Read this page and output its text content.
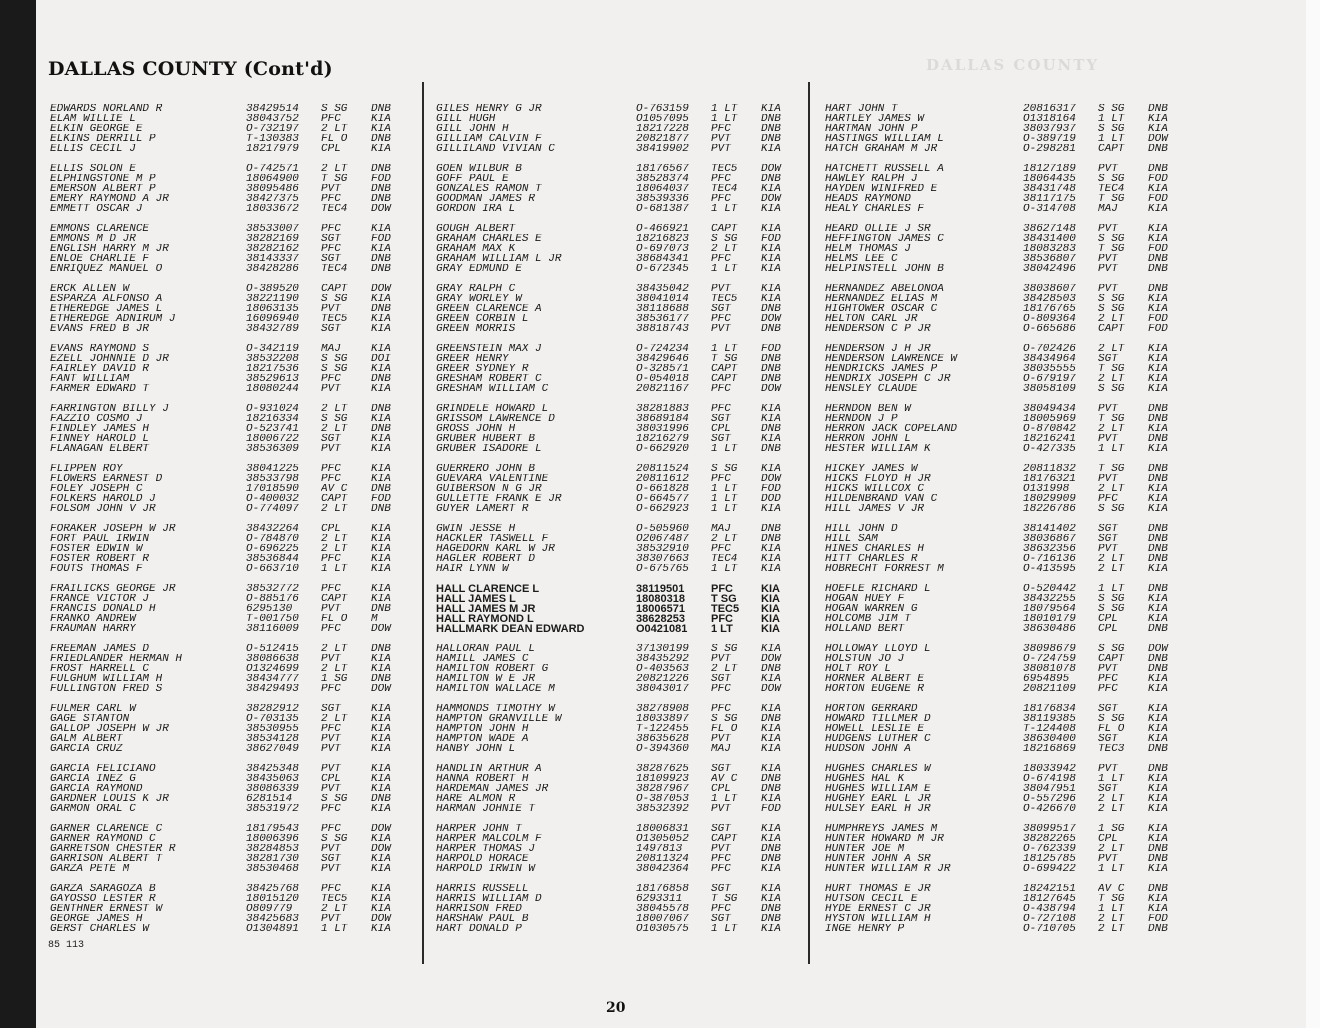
DALLAS COUNTY (Cont'd)	DALLAS COUNTY
EDWARDS NORLAND R	38429514	S SG	DNB
ELAM WILLIE L	38043752	PFC	KIA
ELKIN GEORGE E	O-732197	2 LT	KIA
ELKINS DERRILL P	T-130383	FL O	DNB
ELLIS CECIL J	18217979	CPL	KIA
ELLIS SOLON E	O-742571	2 LT	DNB
ELPHINGSTONE M P	18064900	T SG	FOD
EMERSON ALBERT P	38095486	PVT	DNB
EMERY RAYMOND A JR	38427375	PFC	DNB
EMMETT OSCAR J	18033672	TEC4	DOW
EMMONS CLARENCE	38533007	PFC	KIA
EMMONS M D JR	38282169	SGT	FOD
ENGLISH HARRY M JR	38282162	PFC	KIA
ENLOE CHARLIE F	38143337	SGT	DNB
ENRIQUEZ MANUEL O	38428286	TEC4	DNB
ERCK ALLEN W	O-389520	CAPT	DOW
ESPARZA ALFONSO A	38221190	S SG	KIA
ETHEREDGE JAMES L	18063135	PVT	DNB
ETHEREDGE ADNIRUM J	16096940	TEC5	KIA
EVANS FRED B JR	38432789	SGT	KIA
EVANS RAYMOND S	O-342119	MAJ	KIA
EZELL JOHNNIE D JR	38532208	S SG	DOI
FAIRLEY DAVID R	18217536	S SG	KIA
FANT WILLIAM	38529613	PFC	DNB
FARMER EDWARD T	18080244	PVT	KIA
FARRINGTON BILLY J	O-931024	2 LT	DNB
FAZZIO COSMO J	18216334	S SG	KIA
FINDLEY JAMES H	O-523741	2 LT	DNB
FINNEY HAROLD L	18006722	SGT	KIA
FLANAGAN ELBERT	38536309	PVT	KIA
FLIPPEN ROY	38041225	PFC	KIA
FLOWERS EARNEST D	38533798	PFC	KIA
FOLEY JOSEPH C	17018590	AV C	DNB
FOLKERS HAROLD J	O-400032	CAPT	FOD
FOLSOM JOHN V JR	O-774097	2 LT	DNB
FORAKER JOSEPH W JR	38432264	CPL	KIA
FORT PAUL IRWIN	O-784870	2 LT	KIA
FOSTER EDWIN W	O-696225	2 LT	KIA
FOSTER ROBERT R	38536844	PFC	KIA
FOUTS THOMAS F	O-663710	1 LT	KIA
FRAILICKS GEORGE JR	38532772	PFC	KIA
FRANCE VICTOR J	O-885176	CAPT	KIA
FRANCIS DONALD H	6295130	PVT	DNB
FRANKO ANDREW	T-001750	FL O	M
FRAUMAN HARRY	38116009	PFC	DOW
FREEMAN JAMES D	O-512415	2 LT	DNB
FRIEDLANDER HERMAN H	38086638	PVT	KIA
FROST HARRELL C	O1324699	2 LT	KIA
FULGHUM WILLIAM H	38434777	1 SG	DNB
FULLINGTON FRED S	38429493	PFC	DOW
FULMER CARL W	38282912	SGT	KIA
GAGE STANTON	O-703135	2 LT	KIA
GALLOP JOSEPH W JR	38530955	PFC	KIA
GALM ALBERT	38534128	PVT	KIA
GARCIA CRUZ	38627049	PVT	KIA
GARCIA FELICIANO	38425348	PVT	KIA
GARCIA INEZ G	38435063	CPL	KIA
GARCIA RAYMOND	38086339	PVT	KIA
GARDNER LOUIS K JR	6281514	S SG	DNB
GARMON ORAL C	38531972	PFC	KIA
GARNER CLARENCE C	18179543	PFC	DOW
GARNER RAYMOND C	18006396	S SG	KIA
GARRETSON CHESTER R	38284853	PVT	DOW
GARRISON ALBERT T	38281730	SGT	KIA
GARZA PETE M	38530468	PVT	KIA
GARZA SARAGOZA B	38425768	PFC	KIA
GAYOSSO LESTER R	18015120	TEC5	KIA
GENTHNER ERNEST W	O809779	2 LT	KIA
GEORGE JAMES H	38425683	PVT	DOW
GERST CHARLES W	O1304891	1 LT	KIA
GILES HENRY G JR	O-763159	1 LT	KIA
GILL HUGH	O1057095	1 LT	DNB
GILL JOHN H	18217228	PFC	DNB
GILLIAM CALVIN F	20821877	PVT	DNB
GILLILAND VIVIAN C	38419902	PVT	KIA
GOEN WILBUR B	18176567	TEC5	DOW
GOFF PAUL E	38528374	PFC	DNB
GONZALES RAMON T	18064037	TEC4	KIA
GOODMAN JAMES R	38539336	PFC	DOW
GORDON IRA L	O-681387	1 LT	KIA
GOUGH ALBERT	O-466921	CAPT	KIA
GRAHAM CHARLES E	18216823	S SG	FOD
GRAHAM MAX K	O-697073	2 LT	KIA
GRAHAM WILLIAM L JR	38684341	PFC	KIA
GRAY EDMUND E	O-672345	1 LT	KIA
GRAY RALPH C	38435042	PVT	KIA
GRAY WORLEY W	38041014	TEC5	KIA
GREEN CLARENCE A	38118688	SGT	DNB
GREEN CORBIN L	38536177	PFC	DOW
GREEN MORRIS	38818743	PVT	DNB
GREENSTEIN MAX J	O-724234	1 LT	FOD
GREER HENRY	38429646	T SG	DNB
GREER SYDNEY R	O-328571	CAPT	DNB
GRESHAM ROBERT C	O-054018	CAPT	DNB
GRESHAM WILLIAM C	20821167	PFC	DOW
GRINDELE HOWARD L	38281883	PFC	KIA
GRISSOM LAWRENCE D	38689184	SGT	KIA
GROSS JOHN H	38031996	CPL	DNB
GRUBER HUBERT B	18216279	SGT	KIA
GRUBER ISADORE L	O-662920	1 LT	DNB
GUERRERO JOHN B	20811524	S SG	KIA
GUEVARA VALENTINE	20811612	PFC	DOW
GUIBERSON N G JR	O-661828	1 LT	FOD
GULLETTE FRANK E JR	O-664577	1 LT	DOD
GUYER LAMERT R	O-662923	1 LT	KIA
GWIN JESSE H	O-505960	MAJ	DNB
HACKLER TASWELL F	O2067487	2 LT	DNB
HAGEDORN KARL W JR	38532910	PFC	KIA
HAGLER ROBERT D	38307663	TEC4	KIA
HAIR LYNN W	O-675765	1 LT	KIA
HALL CLARENCE L	38119501	PFC	KIA
HALL JAMES L	18080318	T SG	KIA
HALL JAMES M JR	18006571	TEC5	KIA
HALL RAYMOND L	38628253	PFC	KIA
HALLMARK DEAN EDWARD	O0421081	1 LT	KIA
HALLORAN PAUL L	37130199	S SG	KIA
HAMILL JAMES C	38435292	PVT	DOW
HAMILTON ROBERT G	O-403563	2 LT	DNB
HAMILTON W E JR	20821226	SGT	KIA
HAMILTON WALLACE M	38043017	PFC	DOW
HAMMONDS TIMOTHY W	38278908	PFC	KIA
HAMPTON GRANVILLE W	18033897	S SG	DNB
HAMPTON JOHN H	T-122455	FL O	KIA
HAMPTON WADE A	38635628	PVT	KIA
HANBY JOHN L	O-394360	MAJ	KIA
HANDLIN ARTHUR A	38287625	SGT	KIA
HANNA ROBERT H	18109923	AV C	DNB
HARDEMAN JAMES JR	38287967	CPL	DNB
HARE ALMON R	O-387053	1 LT	KIA
HARMAN JOHNIE T	38532392	PVT	FOD
HARPER JOHN T	18006831	SGT	KIA
HARPER MALCOLM F	O1305052	CAPT	KIA
HARPER THOMAS J	1497813	PVT	DNB
HARPOLD HORACE	20811324	PFC	DNB
HARPOLD IRWIN W	38042364	PFC	KIA
HARRIS RUSSELL	18176858	SGT	KIA
HARRIS WILLIAM D	6293311	T SG	KIA
HARRISON FRED	38045578	PFC	DNB
HARSHAW PAUL B	18007067	SGT	DNB
HART DONALD P	O1030575	1 LT	KIA
HART JOHN T	20816317	S SG	DNB
HARTLEY JAMES W	O1318164	1 LT	KIA
HARTMAN JOHN P	38037937	S SG	KIA
HASTINGS WILLIAM L	O-389719	1 LT	DOW
HATCH GRAHAM M JR	O-298281	CAPT	DNB
HATCHETT RUSSELL A	18127189	PVT	DNB
HAWLEY RALPH J	18064435	S SG	FOD
HAYDEN WINIFRED E	38431748	TEC4	KIA
HEADS RAYMOND	38117175	T SG	FOD
HEALY CHARLES F	O-314708	MAJ	KIA
HEARD OLLIE J SR	38627148	PVT	KIA
HEFFINGTON JAMES C	38431400	S SG	KIA
HELM THOMAS J	18083283	T SG	FOD
HELMS LEE C	38536807	PVT	DNB
HELPINSTELL JOHN B	38042496	PVT	DNB
HERNANDEZ ABELONOA	38038607	PVT	DNB
HERNANDEZ ELIAS M	38428503	S SG	KIA
HIGHTOWER OSCAR C	18176765	S SG	KIA
HELTON CARL JR	O-809364	2 LT	FOD
HENDERSON C P JR	O-665686	CAPT	FOD
HENDERSON J H JR	O-702426	2 LT	KIA
HENDERSON LAWRENCE W	38434964	SGT	KIA
HENDRICKS JAMES P	38035555	T SG	KIA
HENDRIX JOSEPH C JR	O-679197	2 LT	KIA
HENSLEY CLAUDE	38058109	S SG	KIA
HERNDON BEN W	38049434	PVT	DNB
HERNDON J P	18005969	T SG	DNB
HERRON JACK COPELAND	O-870842	2 LT	KIA
HERRON JOHN L	18216241	PVT	DNB
HESTER WILLIAM K	O-427335	1 LT	KIA
HICKEY JAMES W	20811832	T SG	DNB
HICKS FLOYD H JR	18176321	PVT	DNB
HICKS WILLCOX C	O131998	2 LT	KIA
HILDENBRAND VAN C	18029909	PFC	KIA
HILL JAMES V JR	18226786	S SG	KIA
HILL JOHN D	38141402	SGT	DNB
HILL SAM	38036867	SGT	DNB
HINES CHARLES H	38632356	PVT	DNB
HITT CHARLES R	O-716136	2 LT	DNB
HOBRECHT FORREST M	O-413595	2 LT	KIA
HOEFLE RICHARD L	O-520442	1 LT	DNB
HOGAN HUEY F	38432255	S SG	KIA
HOGAN WARREN G	18079564	S SG	KIA
HOLCOMB JIM T	18010179	CPL	KIA
HOLLAND BERT	38630486	CPL	DNB
HOLLOWAY LLOYD L	38098679	S SG	DOW
HOLSTUN JO J	O-724759	CAPT	DNB
HOLT ROY L	38081078	PVT	DNB
HORNER ALBERT E	6954895	PFC	KIA
HORTON EUGENE R	20821109	PFC	KIA
HORTON GERRARD	18176834	SGT	KIA
HOWARD TILLMER D	38119385	S SG	KIA
HOWELL LESLIE E	T-124408	FL O	KIA
HUDGENS LUTHER C	38630400	SGT	KIA
HUDSON JOHN A	18216869	TEC3	DNB
HUGHES CHARLES W	18033942	PVT	DNB
HUGHES HAL K	O-674198	1 LT	KIA
HUGHES WILLIAM E	38047951	SGT	KIA
HUGHEY EARL L JR	O-557296	2 LT	KIA
HULSEY EARL H JR	O-426670	2 LT	KIA
HUMPHREYS JAMES M	38099517	1 SG	KIA
HUNTER HOWARD M JR	38282265	CPL	KIA
HUNTER JOE M	O-762339	2 LT	DNB
HUNTER JOHN A SR	18125785	PVT	DNB
HUNTER WILLIAM R JR	O-699422	1 LT	KIA
HURT THOMAS E JR	18242151	AV C	DNB
HUTSON CECIL E	18127645	T SG	KIA
HYDE ERNEST C JR	O-438794	1 LT	KIA
HYSTON WILLIAM H	O-727108	2 LT	FOD
INGE HENRY P	O-710705	2 LT	DNB
85 113
20
